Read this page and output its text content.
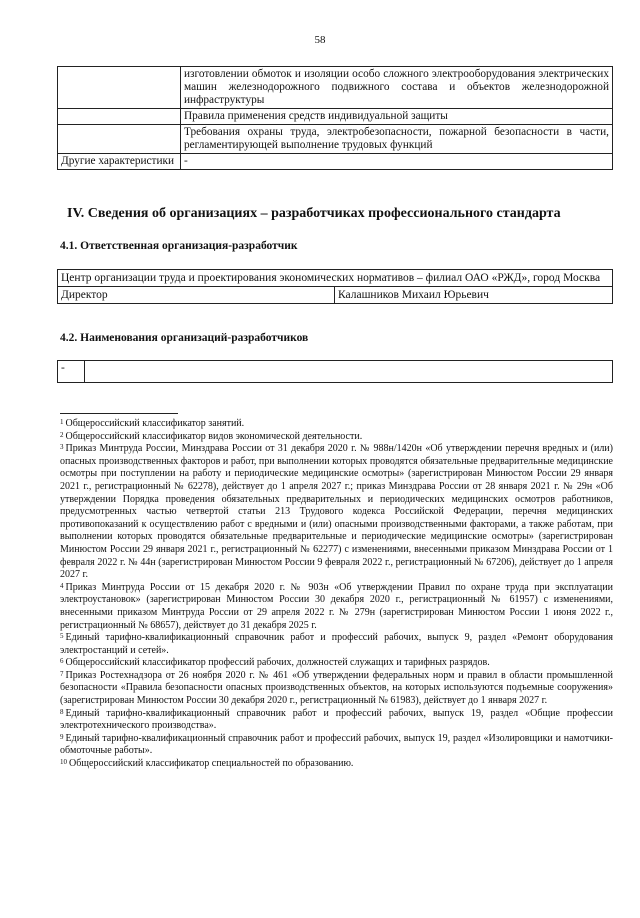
58
	изготовлении обмоток и изоляции особо сложного электрооборудования электрических машин железнодорожного подвижного состава и объектов железнодорожной инфраструктуры
	Правила применения средств индивидуальной защиты
	Требования охраны труда, электробезопасности, пожарной безопасности в части, регламентирующей выполнение трудовых функций
Другие характеристики	-
IV. Сведения об организациях – разработчиках профессионального стандарта
4.1. Ответственная организация-разработчик
Центр организации труда и проектирования экономических нормативов – филиал ОАО «РЖД», город Москва
Директор	Калашников Михаил Юрьевич
4.2. Наименования организаций-разработчиков
-	

$^1$ Общероссийский классификатор занятий.

$^2$ Общероссийский классификатор видов экономической деятельности.

$^3$ Приказ Минтруда России, Минздрава России от 31 декабря 2020 г. № 988н/1420н «Об утверждении перечня вредных и (или) опасных производственных факторов и работ, при выполнении которых проводятся обязательные предварительные медицинские осмотры при поступлении на работу и периодические медицинские осмотры» (зарегистрирован Минюстом России 29 января 2021 г., регистрационный № 62278), действует до 1 апреля 2027 г.; приказ Минздрава России от 28 января 2021 г. № 29н «Об утверждении Порядка проведения обязательных предварительных и периодических медицинских осмотров работников, предусмотренных частью четвертой статьи 213 Трудового кодекса Российской Федерации, перечня медицинских противопоказаний к осуществлению работ с вредными и (или) опасными производственными факторами, а также работам, при выполнении которых проводятся обязательные предварительные и периодические медицинские осмотры» (зарегистрирован Минюстом России 29 января 2021 г., регистрационный № 62277) с изменениями, внесенными приказом Минздрава России от 1 февраля 2022 г. № 44н (зарегистрирован Минюстом России 9 февраля 2022 г., регистрационный № 67206), действует до 1 апреля 2027 г.

$^4$ Приказ Минтруда России от 15 декабря 2020 г. № 903н «Об утверждении Правил по охране труда при эксплуатации электроустановок» (зарегистрирован Минюстом России 30 декабря 2020 г., регистрационный № 61957) с изменениями, внесенными приказом Минтруда России от 29 апреля 2022 г. № 279н (зарегистрирован Минюстом России 1 июня 2022 г., регистрационный № 68657), действует до 31 декабря 2025 г.

$^5$ Единый тарифно-квалификационный справочник работ и профессий рабочих, выпуск 9, раздел «Ремонт оборудования электростанций и сетей».

$^6$ Общероссийский классификатор профессий рабочих, должностей служащих и тарифных разрядов.

$^7$ Приказ Ростехнадзора от 26 ноября 2020 г. № 461 «Об утверждении федеральных норм и правил в области промышленной безопасности «Правила безопасности опасных производственных объектов, на которых используются подъемные сооружения» (зарегистрирован Минюстом России 30 декабря 2020 г., регистрационный № 61983), действует до 1 января 2027 г.

$^8$ Единый тарифно-квалификационный справочник работ и профессий рабочих, выпуск 19, раздел «Общие профессии электротехнического производства».

$^9$ Единый тарифно-квалификационный справочник работ и профессий рабочих, выпуск 19, раздел «Изолировщики и намотчики-обмоточные работы».

$^{10}$ Общероссийский классификатор специальностей по образованию.
